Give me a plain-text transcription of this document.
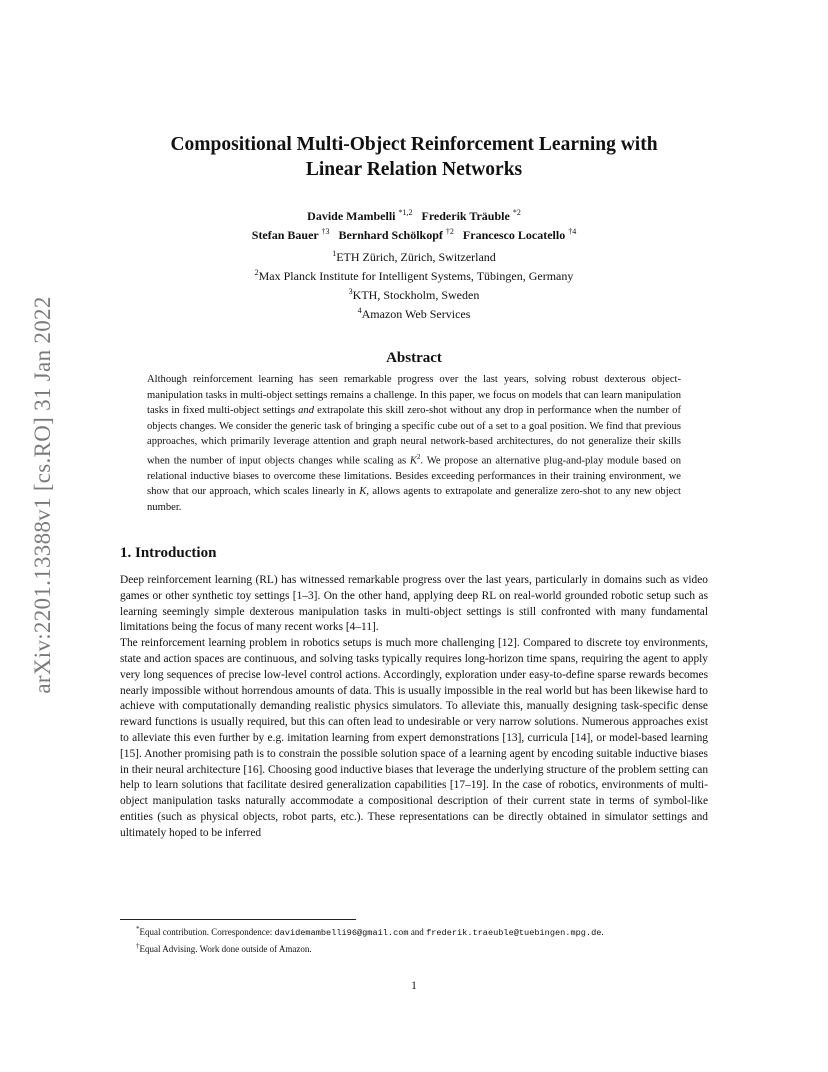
arXiv:2201.13388v1 [cs.RO] 31 Jan 2022
Compositional Multi-Object Reinforcement Learning with
Linear Relation Networks
Davide Mambelli $^{*1,2}$ Frederik Träuble $^{*2}$
Stefan Bauer $^{\dagger 3}$ Bernhard Schölkopf $^{\dagger 2}$ Francesco Locatello $^{\dagger 4}$
$^1$ETH Zürich, Zürich, Switzerland
$^2$Max Planck Institute for Intelligent Systems, Tübingen, Germany
$^3$KTH, Stockholm, Sweden
$^4$Amazon Web Services
Abstract

Although reinforcement learning has seen remarkable progress over the last years, solving robust dexterous object-manipulation tasks in multi-object settings remains a challenge. In this paper, we focus on models that can learn manipulation tasks in fixed multi-object settings and extrapolate this skill zero-shot without any drop in performance when the number of objects changes. We consider the generic task of bringing a specific cube out of a set to a goal position. We find that previous approaches, which primarily leverage attention and graph neural network-based architectures, do not generalize their skills when the number of input objects changes while scaling as $K^2$. We propose an alternative plug-and-play module based on relational inductive biases to overcome these limitations. Besides exceeding performances in their training environment, we show that our approach, which scales linearly in K, allows agents to extrapolate and generalize zero-shot to any new object number.

1. Introduction

Deep reinforcement learning (RL) has witnessed remarkable progress over the last years, particularly in domains such as video games or other synthetic toy settings [1–3]. On the other hand, applying deep RL on real-world grounded robotic setup such as learning seemingly simple dexterous manipulation tasks in multi-object settings is still confronted with many fundamental limitations being the focus of many recent works [4–11].

The reinforcement learning problem in robotics setups is much more challenging [12]. Compared to discrete toy environments, state and action spaces are continuous, and solving tasks typically requires long-horizon time spans, requiring the agent to apply very long sequences of precise low-level control actions. Accordingly, exploration under easy-to-define sparse rewards becomes nearly impossible without horrendous amounts of data. This is usually impossible in the real world but has been likewise hard to achieve with computationally demanding realistic physics simulators. To alleviate this, manually designing task-specific dense reward functions is usually required, but this can often lead to undesirable or very narrow solutions. Numerous approaches exist to alleviate this even further by e.g. imitation learning from expert demonstrations [13], curricula [14], or model-based learning [15]. Another promising path is to constrain the possible solution space of a learning agent by encoding suitable inductive biases in their neural architecture [16]. Choosing good inductive biases that leverage the underlying structure of the problem setting can help to learn solutions that facilitate desired generalization capabilities [17–19]. In the case of robotics, environments of multi-object manipulation tasks naturally accommodate a compositional description of their current state in terms of symbol-like entities (such as physical objects, robot parts, etc.). These representations can be directly obtained in simulator settings and ultimately hoped to be inferred

*Equal contribution. Correspondence: davidemambelli96@gmail.com and frederik.traeuble@tuebingen.mpg.de.
†Equal Advising. Work done outside of Amazon.
1
